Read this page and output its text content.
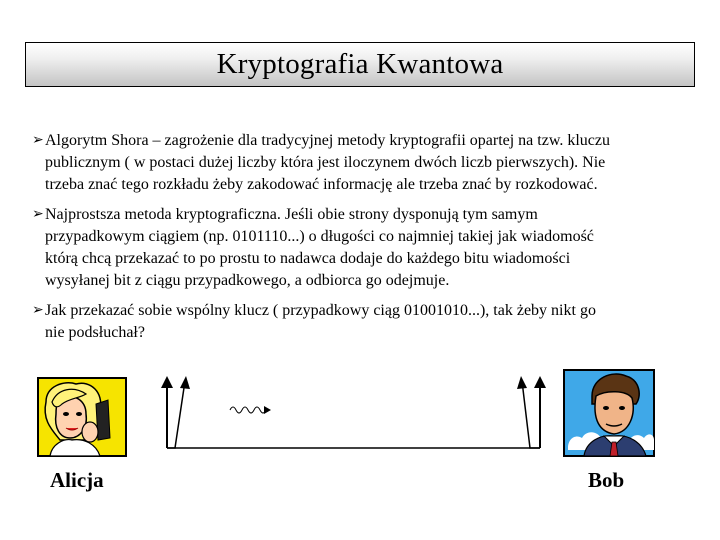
Kryptografia Kwantowa
➢ Algorytm Shora – zagrożenie dla tradycyjnej metody kryptografii opartej na tzw. kluczu
publicznym ( w postaci dużej liczby która jest iloczynem dwóch liczb pierwszych). Nie
trzeba znać tego rozkładu żeby zakodować informację ale trzeba znać by rozkodować.
➢ Najprostsza metoda kryptograficzna. Jeśli obie strony dysponują tym samym
przypadkowym ciągiem (np. 0101110...) o długości co najmniej takiej jak wiadomość
którą chcą przekazać to po prostu to nadawca dodaje do każdego bitu wiadomości
wysyłanej bit z ciągu przypadkowego, a odbiorca go odejmuje.
➢ Jak przekazać sobie wspólny klucz ( przypadkowy ciąg 01001010...), tak żeby nikt go
nie podsłuchał?
Alicja	Bob
